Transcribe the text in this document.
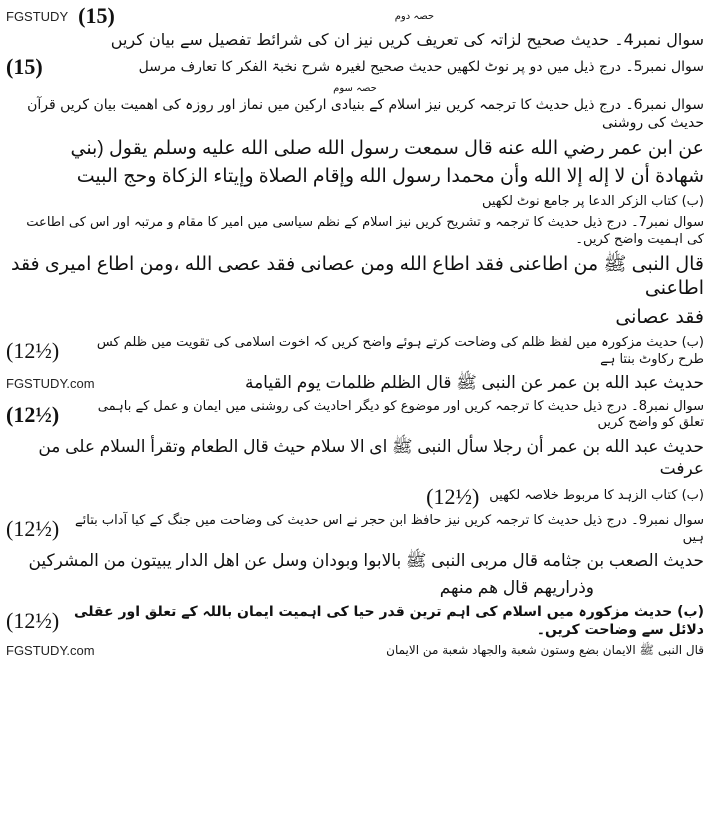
FGSTUDY (15)	حصہ دوم
سوال نمبر4۔ حدیث صحیح لزاتہ کی تعریف کریں نیز ان کی شرائط تفصیل سے بیان کریں
سوال نمبر5۔ درج ذیل میں دو پر نوٹ لکھیں حدیث صحیح لغیرہ شرح نخبۃ الفکر کا تعارف مرسل
(15)
حصہ سوم
سوال نمبر6۔ درج ذیل حدیث کا ترجمہ کریں نیز اسلام کے بنیادی ارکین میں نماز اور روزہ کی اھمیت بیان کریں قرآن حدیث کی روشنی
عن ابن عمر رضي الله عنه قال سمعت رسول الله صلى الله عليه وسلم يقول (بني
شهادة أن لا إله إلا الله وأن محمدا رسول الله وإقام الصلاة وإيتاء الزكاة وحج البيت
(ب) کتاب الزکر الدعا پر جامع نوٹ لکھیں
سوال نمبر7۔ درج ذیل حدیث کا ترجمہ و تشریح کریں نیز اسلام کے نظم سیاسی میں امیر کا مقام و مرتبہ اور اس کی اطاعت کی اہمیت واضح کریں۔
قال النبى ﷺ من اطاعنى فقد اطاع الله ومن عصانى فقد عصى الله ،ومن اطاع اميرى فقد اطاعنى
فقد عصانى
(ب) حدیث مزکورہ میں لفظ ظلم کی وضاحت کرتے ہوئے واضح کریں کہ اخوت اسلامی کی تقویت میں ظلم کس طرح رکاوٹ بنتا ہے
(12½)
حديث عبد الله بن عمر عن النبى ﷺ قال الظلم ظلمات يوم القيامة
FGSTUDY.com
سوال نمبر8۔ درج ذیل حدیث کا ترجمہ کریں اور موضوع کو دیگر احادیث کی روشنی میں ایمان و عمل کے باہمی تعلق کو واضح کریں
(12½)
حديث عبد الله بن عمر أن رجلا سأل النبى ﷺ اى الا سلام حيث قال الطعام وتقرأ السلام على من عرفت
(ب) کتاب الزہد کا مربوط خلاصہ لکھیں
(12½)
سوال نمبر9۔ درج ذیل حدیث کا ترجمہ کریں نیز حافظ ابن حجر نے اس حدیث کی وضاحت میں جنگ کے کیا آداب بتائے ہیں
(12½)
حديث الصعب بن جثامه قال مربى النبى ﷺ بالابوا وبودان وسل عن اهل الدار يبيتون من المشركين
وذراريهم قال هم منهم
(ب) حدیث مزکورہ میں اسلام کی اہم ترین قدر حیا کی اہمیت ایمان باللہ کے تعلق اور عقلی دلائل سے وضاحت کریں۔
(12½)
قال النبى ﷺ الايمان بضع وستون شعبة والجهاد شعبة من الايمان
FGSTUDY.com
